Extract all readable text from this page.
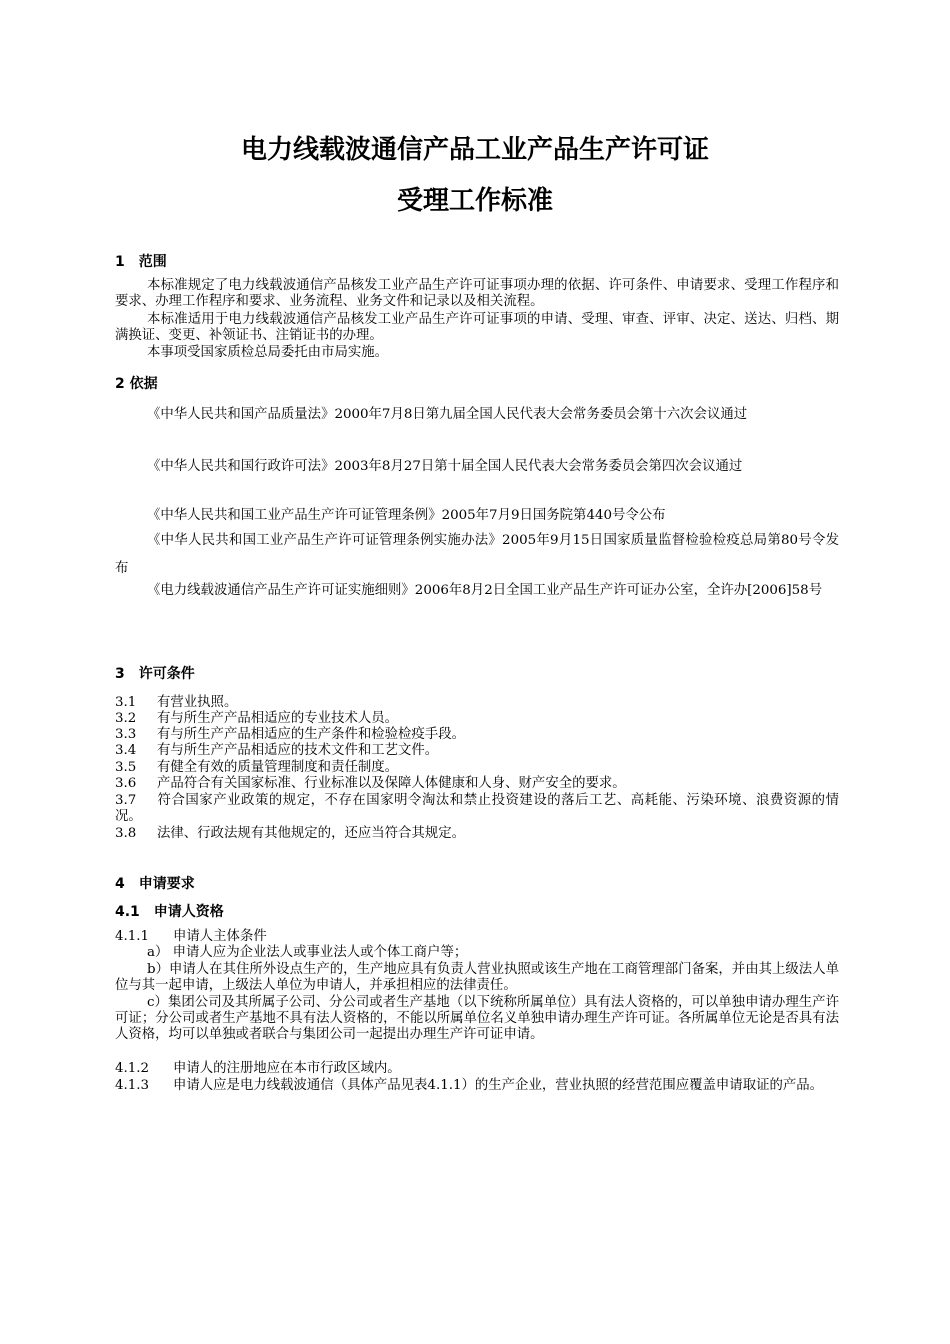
电力线载波通信产品工业产品生产许可证
受理工作标准
1　范围
本标准规定了电力线载波通信产品核发工业产品生产许可证事项办理的依据、许可条件、申请要求、受理工作程序和要求、办理工作程序和要求、业务流程、业务文件和记录以及相关流程。
本标准适用于电力线载波通信产品核发工业产品生产许可证事项的申请、受理、审查、评审、决定、送达、归档、期满换证、变更、补领证书、注销证书的办理。
本事项受国家质检总局委托由市局实施。
2 依据
《中华人民共和国产品质量法》2000年7月8日第九届全国人民代表大会常务委员会第十六次会议通过
《中华人民共和国行政许可法》2003年8月27日第十届全国人民代表大会常务委员会第四次会议通过
《中华人民共和国工业产品生产许可证管理条例》2005年7月9日国务院第440号令公布
《中华人民共和国工业产品生产许可证管理条例实施办法》2005年9月15日国家质量监督检验检疫总局第80号令发布
《电力线载波通信产品生产许可证实施细则》2006年8月2日全国工业产品生产许可证办公室，全许办[2006]58号
3　许可条件
3.1 有营业执照。
3.2 有与所生产产品相适应的专业技术人员。
3.3 有与所生产产品相适应的生产条件和检验检疫手段。
3.4 有与所生产产品相适应的技术文件和工艺文件。
3.5 有健全有效的质量管理制度和责任制度。
3.6 产品符合有关国家标准、行业标准以及保障人体健康和人身、财产安全的要求。
3.7 符合国家产业政策的规定，不存在国家明令淘汰和禁止投资建设的落后工艺、高耗能、污染环境、浪费资源的情况。
3.8 法律、行政法规有其他规定的，还应当符合其规定。
4　申请要求
4.1　申请人资格
4.1.1 申请人主体条件
a） 申请人应为企业法人或事业法人或个体工商户等；
b）申请人在其住所外设点生产的，生产地应具有负责人营业执照或该生产地在工商管理部门备案，并由其上级法人单位与其一起申请，上级法人单位为申请人，并承担相应的法律责任。
c）集团公司及其所属子公司、分公司或者生产基地（以下统称所属单位）具有法人资格的，可以单独申请办理生产许可证；分公司或者生产基地不具有法人资格的，不能以所属单位名义单独申请办理生产许可证。各所属单位无论是否具有法人资格，均可以单独或者联合与集团公司一起提出办理生产许可证申请。
4.1.2 申请人的注册地应在本市行政区域内。
4.1.3 申请人应是电力线载波通信（具体产品见表4.1.1）的生产企业，营业执照的经营范围应覆盖申请取证的产品。
